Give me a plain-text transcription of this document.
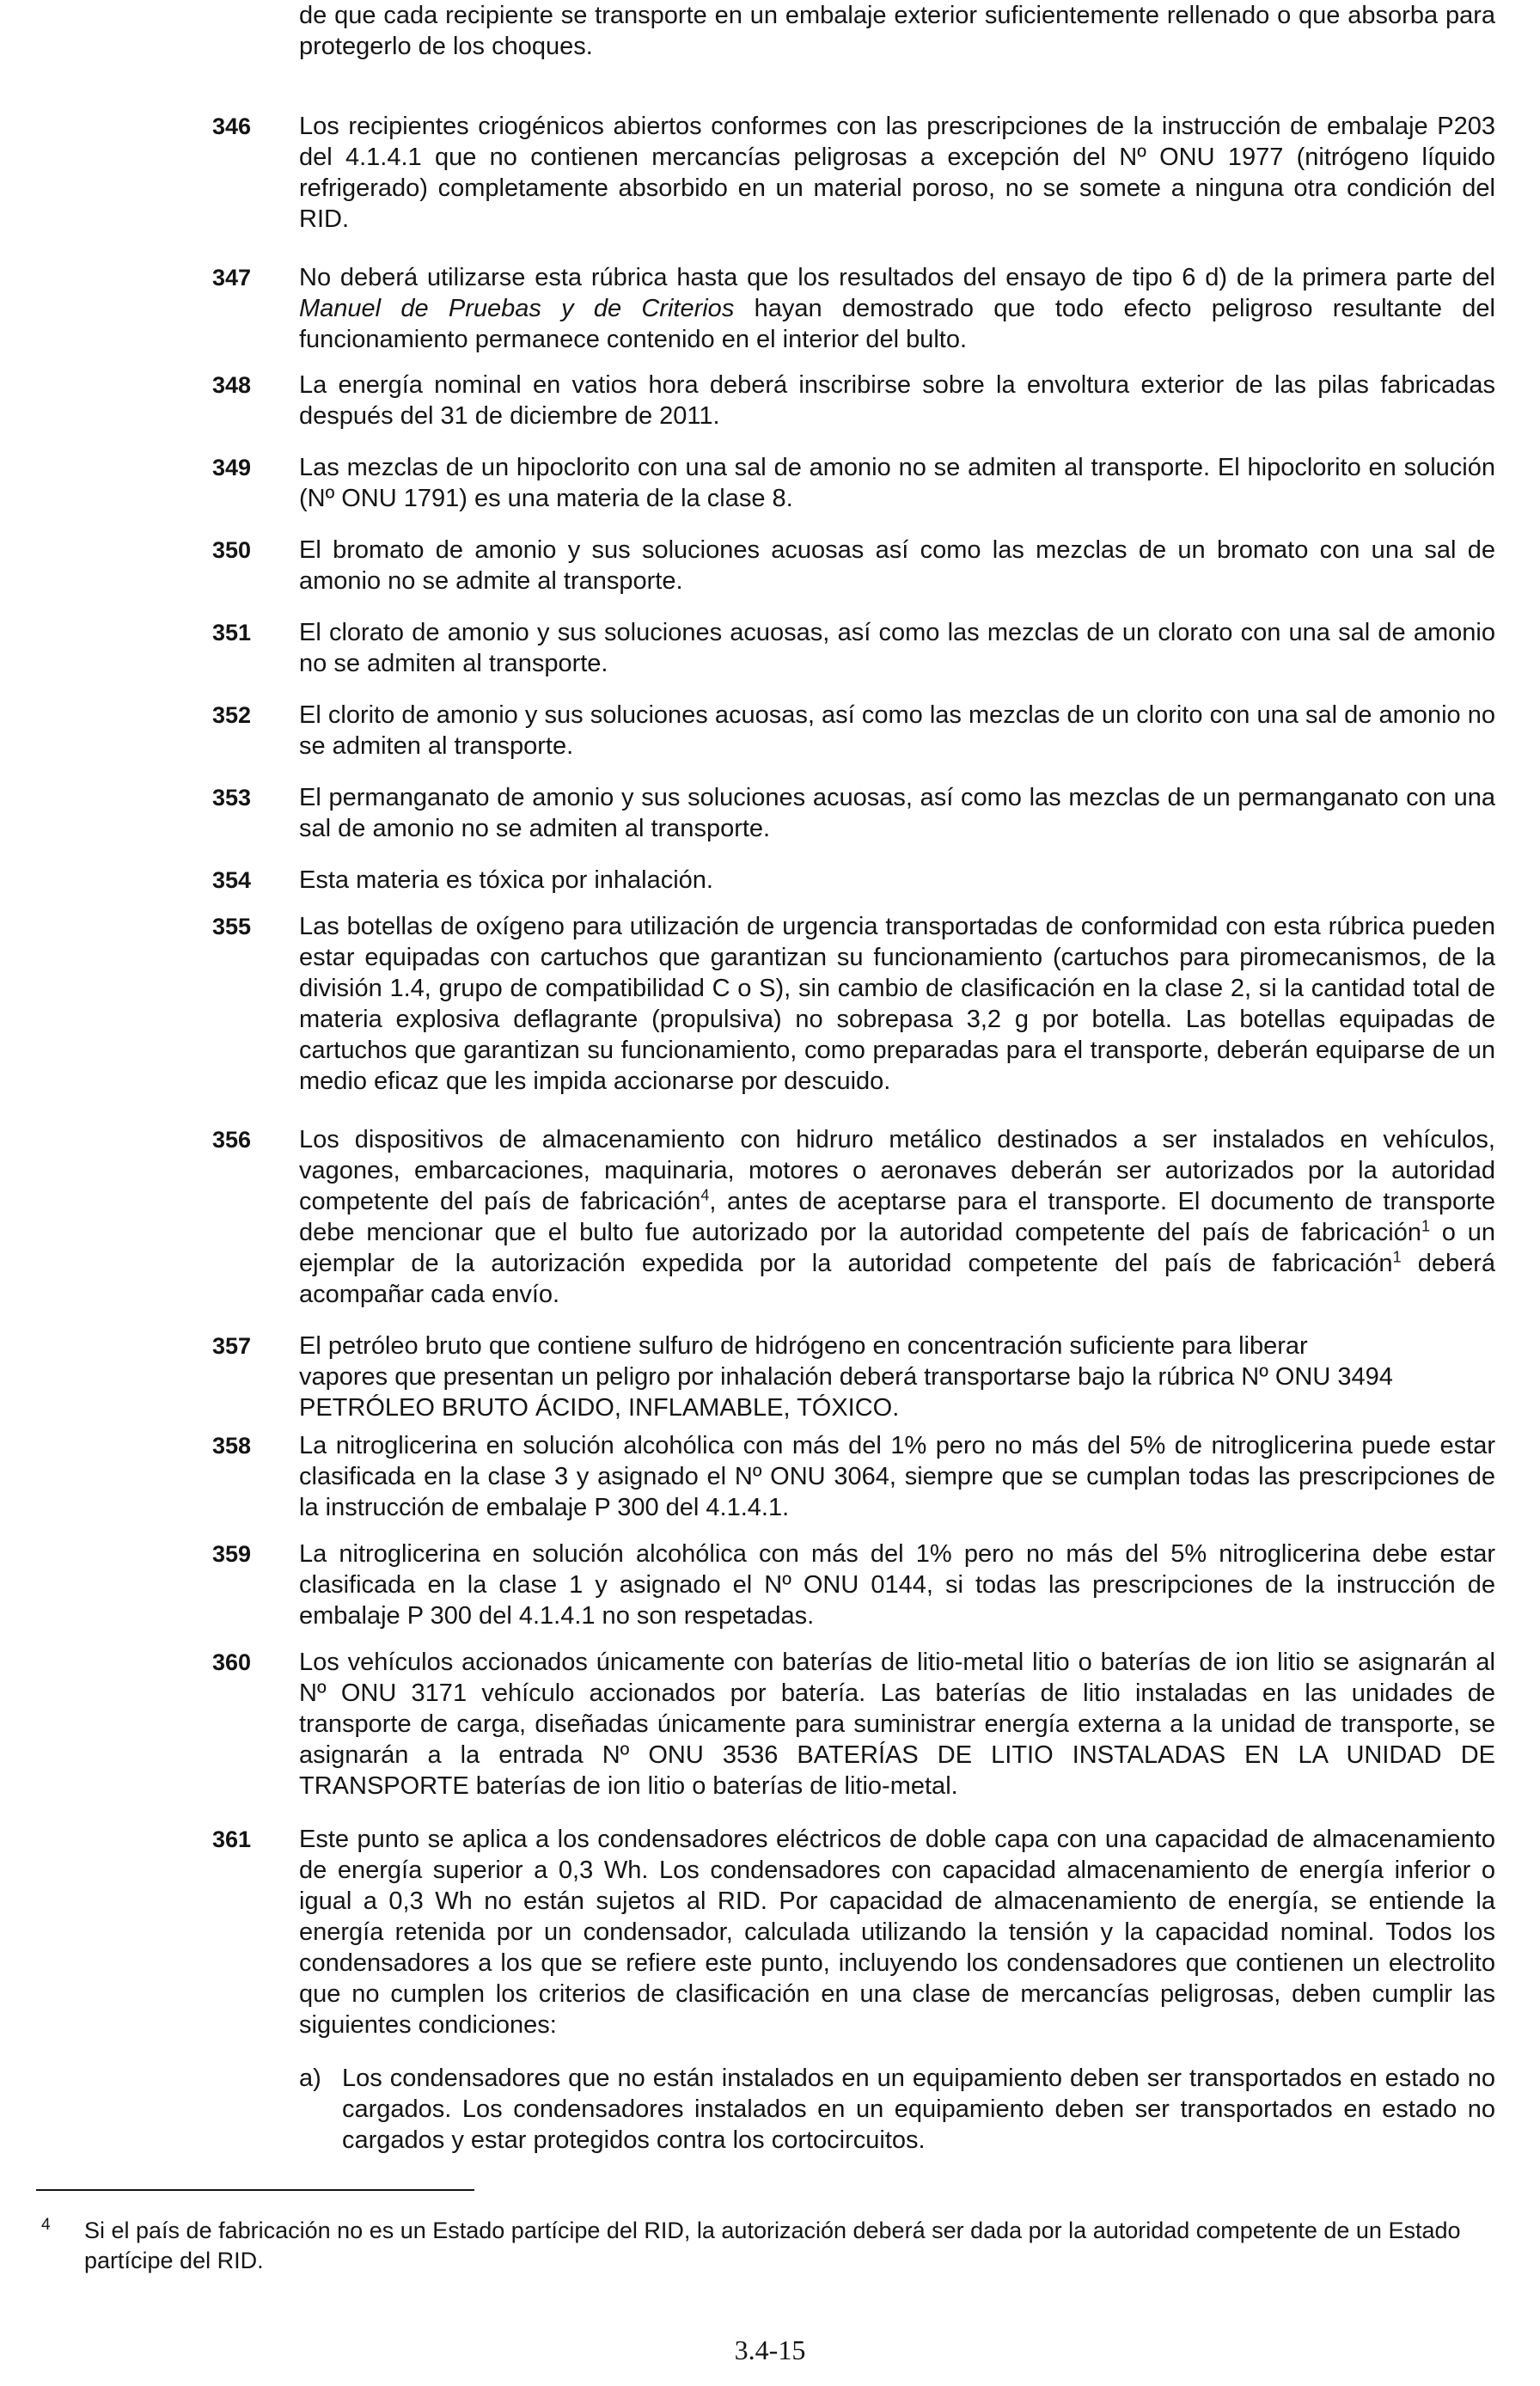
de que cada recipiente se transporte en un embalaje exterior suficientemente rellenado o que absorba para protegerlo de los choques.
346	Los recipientes criogénicos abiertos conformes con las prescripciones de la instrucción de embalaje P203 del 4.1.4.1 que no contienen mercancías peligrosas a excepción del Nº ONU 1977 (nitrógeno líquido refrigerado) completamente absorbido en un material poroso, no se somete a ninguna otra condición del RID.
347	No deberá utilizarse esta rúbrica hasta que los resultados del ensayo de tipo 6 d) de la primera parte del Manuel de Pruebas y de Criterios hayan demostrado que todo efecto peligroso resultante del funcionamiento permanece contenido en el interior del bulto.
348	La energía nominal en vatios hora deberá inscribirse sobre la envoltura exterior de las pilas fabricadas después del 31 de diciembre de 2011.
349	Las mezclas de un hipoclorito con una sal de amonio no se admiten al transporte. El hipoclorito en solución (Nº ONU 1791) es una materia de la clase 8.
350	El bromato de amonio y sus soluciones acuosas así como las mezclas de un bromato con una sal de amonio no se admite al transporte.
351	El clorato de amonio y sus soluciones acuosas, así como las mezclas de un clorato con una sal de amonio no se admiten al transporte.
352	El clorito de amonio y sus soluciones acuosas, así como las mezclas de un clorito con una sal de amonio no se admiten al transporte.
353	El permanganato de amonio y sus soluciones acuosas, así como las mezclas de un permanganato con una sal de amonio no se admiten al transporte.
354	Esta materia es tóxica por inhalación.
355	Las botellas de oxígeno para utilización de urgencia transportadas de conformidad con esta rúbrica pueden estar equipadas con cartuchos que garantizan su funcionamiento (cartuchos para piromecanismos, de la división 1.4, grupo de compatibilidad C o S), sin cambio de clasificación en la clase 2, si la cantidad total de materia explosiva deflagrante (propulsiva) no sobrepasa 3,2 g por botella. Las botellas equipadas de cartuchos que garantizan su funcionamiento, como preparadas para el transporte, deberán equiparse de un medio eficaz que les impida accionarse por descuido.
356	Los dispositivos de almacenamiento con hidruro metálico destinados a ser instalados en vehículos, vagones, embarcaciones, maquinaria, motores o aeronaves deberán ser autorizados por la autoridad competente del país de fabricación$^4$, antes de aceptarse para el transporte. El documento de transporte debe mencionar que el bulto fue autorizado por la autoridad competente del país de fabricación$^1$ o un ejemplar de la autorización expedida por la autoridad competente del país de fabricación$^1$ deberá acompañar cada envío.
357	El petróleo bruto que contiene sulfuro de hidrógeno en concentración suficiente para liberar
vapores que presentan un peligro por inhalación deberá transportarse bajo la rúbrica Nº ONU 3494
PETRÓLEO BRUTO ÁCIDO, INFLAMABLE, TÓXICO.
358	La nitroglicerina en solución alcohólica con más del 1% pero no más del 5% de nitroglicerina puede estar clasificada en la clase 3 y asignado el Nº ONU 3064, siempre que se cumplan todas las prescripciones de la instrucción de embalaje P 300 del 4.1.4.1.
359	La nitroglicerina en solución alcohólica con más del 1% pero no más del 5% nitroglicerina debe estar clasificada en la clase 1 y asignado el Nº ONU 0144, si todas las prescripciones de la instrucción de embalaje P 300 del 4.1.4.1 no son respetadas.
360	Los vehículos accionados únicamente con baterías de litio-metal litio o baterías de ion litio se asignarán al Nº ONU 3171 vehículo accionados por batería. Las baterías de litio instaladas en las unidades de transporte de carga, diseñadas únicamente para suministrar energía externa a la unidad de transporte, se asignarán a la entrada Nº ONU 3536 BATERÍAS DE LITIO INSTALADAS EN LA UNIDAD DE TRANSPORTE baterías de ion litio o baterías de litio-metal.
361	Este punto se aplica a los condensadores eléctricos de doble capa con una capacidad de almacenamiento de energía superior a 0,3 Wh. Los condensadores con capacidad almacenamiento de energía inferior o igual a 0,3 Wh no están sujetos al RID. Por capacidad de almacenamiento de energía, se entiende la energía retenida por un condensador, calculada utilizando la tensión y la capacidad nominal. Todos los condensadores a los que se refiere este punto, incluyendo los condensadores que contienen un electrolito que no cumplen los criterios de clasificación en una clase de mercancías peligrosas, deben cumplir las siguientes condiciones:
a) Los condensadores que no están instalados en un equipamiento deben ser transportados en estado no cargados. Los condensadores instalados en un equipamiento deben ser transportados en estado no cargados y estar protegidos contra los cortocircuitos.
4 Si el país de fabricación no es un Estado partícipe del RID, la autorización deberá ser dada por la autoridad competente de un Estado partícipe del RID.
3.4-15
